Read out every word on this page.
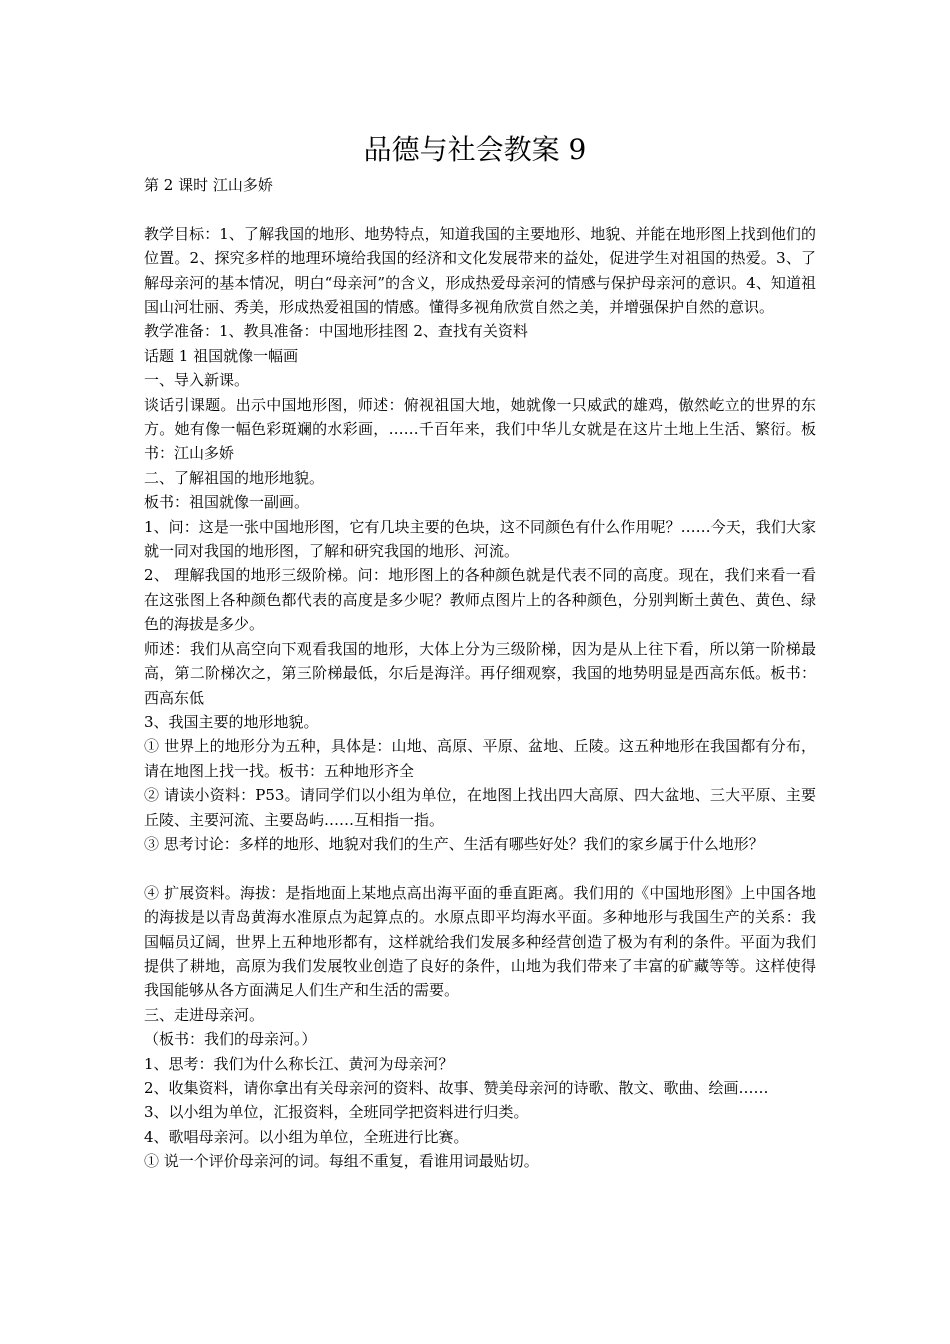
品德与社会教案 9

第 2 课时 江山多娇

教学目标：1、了解我国的地形、地势特点，知道我国的主要地形、地貌、并能在地形图上找到他们的位置。2、探究多样的地理环境给我国的经济和文化发展带来的益处，促进学生对祖国的热爱。3、了解母亲河的基本情况，明白“母亲河”的含义，形成热爱母亲河的情感与保护母亲河的意识。4、知道祖国山河壮丽、秀美，形成热爱祖国的情感。懂得多视角欣赏自然之美，并增强保护自然的意识。

教学准备：1、教具准备：中国地形挂图 2、查找有关资料

话题 1 祖国就像一幅画

一、导入新课。

谈话引课题。出示中国地形图，师述：俯视祖国大地，她就像一只威武的雄鸡，傲然屹立的世界的东方。她有像一幅色彩斑斓的水彩画，……千百年来，我们中华儿女就是在这片土地上生活、繁衍。板书：江山多娇

二、了解祖国的地形地貌。

板书：祖国就像一副画。

1、问：这是一张中国地形图，它有几块主要的色块，这不同颜色有什么作用呢？……今天，我们大家就一同对我国的地形图，了解和研究我国的地形、河流。

2、 理解我国的地形三级阶梯。问：地形图上的各种颜色就是代表不同的高度。现在，我们来看一看在这张图上各种颜色都代表的高度是多少呢？教师点图片上的各种颜色，分别判断土黄色、黄色、绿色的海拔是多少。

师述：我们从高空向下观看我国的地形，大体上分为三级阶梯，因为是从上往下看，所以第一阶梯最高，第二阶梯次之，第三阶梯最低，尔后是海洋。再仔细观察，我国的地势明显是西高东低。板书：西高东低

3、我国主要的地形地貌。

① 世界上的地形分为五种，具体是：山地、高原、平原、盆地、丘陵。这五种地形在我国都有分布，请在地图上找一找。板书：五种地形齐全

② 请读小资料：P53。请同学们以小组为单位，在地图上找出四大高原、四大盆地、三大平原、主要丘陵、主要河流、主要岛屿……互相指一指。

③ 思考讨论：多样的地形、地貌对我们的生产、生活有哪些好处？我们的家乡属于什么地形？

④ 扩展资料。海拔：是指地面上某地点高出海平面的垂直距离。我们用的《中国地形图》上中国各地的海拔是以青岛黄海水准原点为起算点的。水原点即平均海水平面。多种地形与我国生产的关系：我国幅员辽阔，世界上五种地形都有，这样就给我们发展多种经营创造了极为有利的条件。平面为我们提供了耕地，高原为我们发展牧业创造了良好的条件，山地为我们带来了丰富的矿藏等等。这样使得我国能够从各方面满足人们生产和生活的需要。

三、走进母亲河。

（板书：我们的母亲河。）

1、思考：我们为什么称长江、黄河为母亲河？

2、收集资料，请你拿出有关母亲河的资料、故事、赞美母亲河的诗歌、散文、歌曲、绘画……

3、以小组为单位，汇报资料，全班同学把资料进行归类。

4、歌唱母亲河。以小组为单位，全班进行比赛。

① 说一个评价母亲河的词。每组不重复，看谁用词最贴切。
